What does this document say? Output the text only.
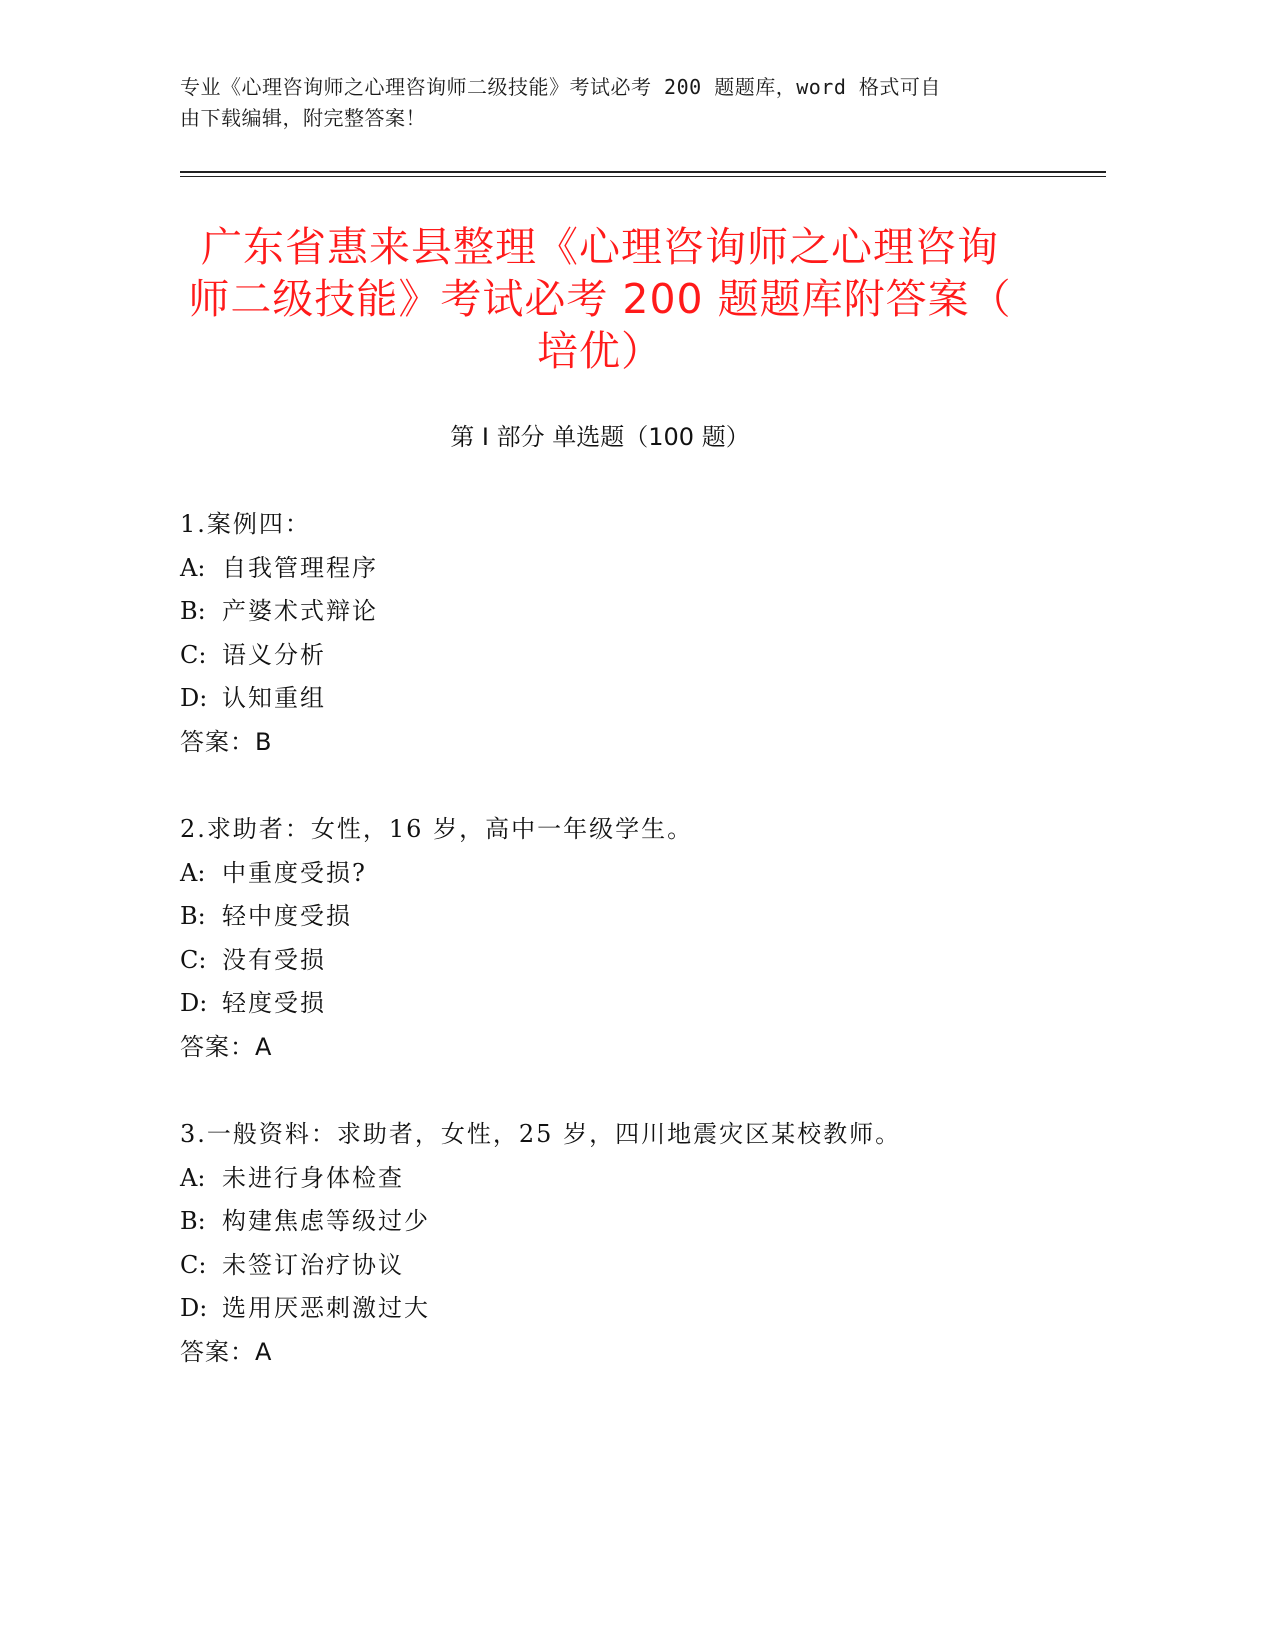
专业《心理咨询师之心理咨询师二级技能》考试必考 200 题题库，word 格式可自
由下载编辑，附完整答案！
广东省惠来县整理《心理咨询师之心理咨询
师二级技能》考试必考 200 题题库附答案（
培优）
第 I 部分 单选题（100 题）
1.案例四：
A: 自我管理程序
B: 产婆术式辩论
C: 语义分析
D: 认知重组
答案：B
2.求助者：女性，16 岁，高中一年级学生。
A: 中重度受损?
B: 轻中度受损
C: 没有受损
D: 轻度受损
答案：A
3.一般资料：求助者，女性，25 岁，四川地震灾区某校教师。
A: 未进行身体检查
B: 构建焦虑等级过少
C: 未签订治疗协议
D: 选用厌恶刺激过大
答案：A
